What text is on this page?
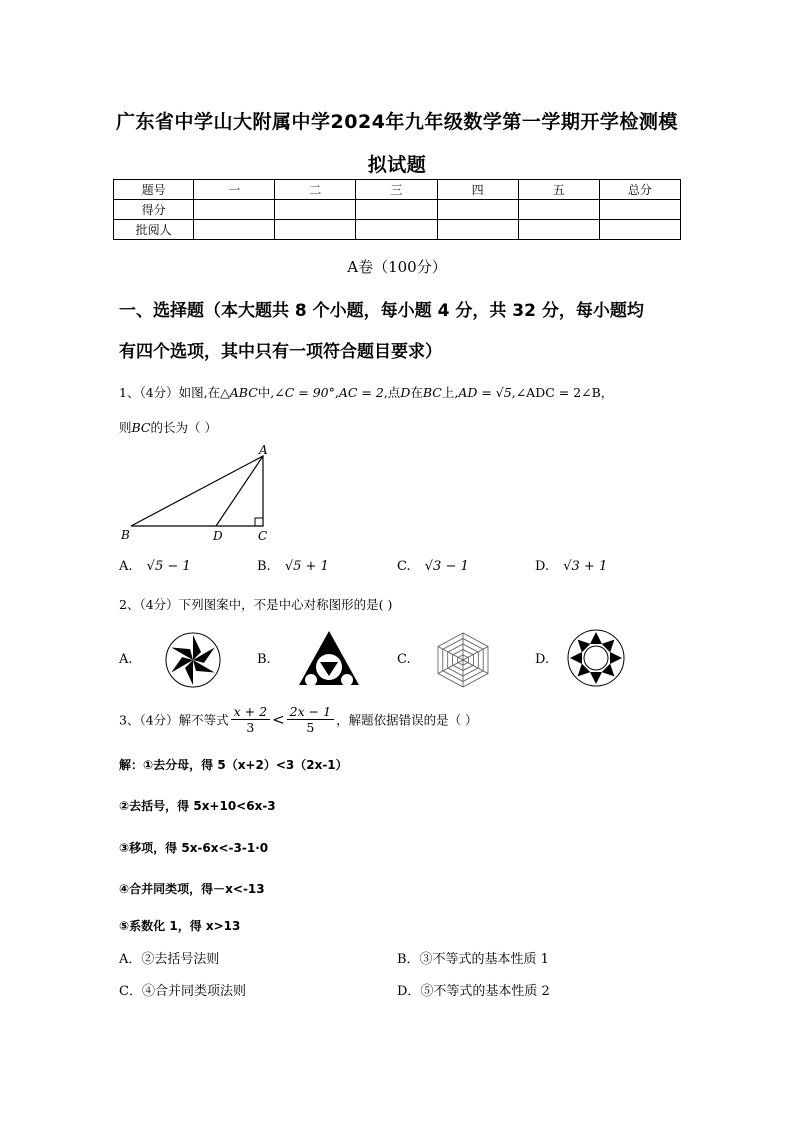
广东省中学山大附属中学2024年九年级数学第一学期开学检测模
拟试题
题号	一	二	三	四	五	总分
得分						
批阅人						
A卷（100分）
一、选择题（本大题共 8 个小题，每小题 4 分，共 32 分，每小题均
有四个选项，其中只有一项符合题目要求）
1、（4分）如图,在△ABC中,∠C = 90°,AC = 2,点D在BC上,AD = √5,∠ADC = 2∠B，
则BC的长为（ ）
A
B	D	C
A. √5 − 1	B. √5 + 1	C. √3 − 1	D. √3 + 1
2、（4分）下列图案中，不是中心对称图形的是( )
A.	B.	C.	D.
3、（4分）解不等式 $\frac{x + 2}{3} < \frac{2x - 1}{5}$ ，解题依据错误的是（ ）
解：①去分母，得 5（x+2）<3（2x-1）
②去括号，得 5x+10<6x-3
③移项，得 5x-6x<-3-1·0
④合并同类项，得－x<-13
⑤系数化 1，得 x>13
A．②去括号法则	B．③不等式的基本性质 1
C．④合并同类项法则	D．⑤不等式的基本性质 2
